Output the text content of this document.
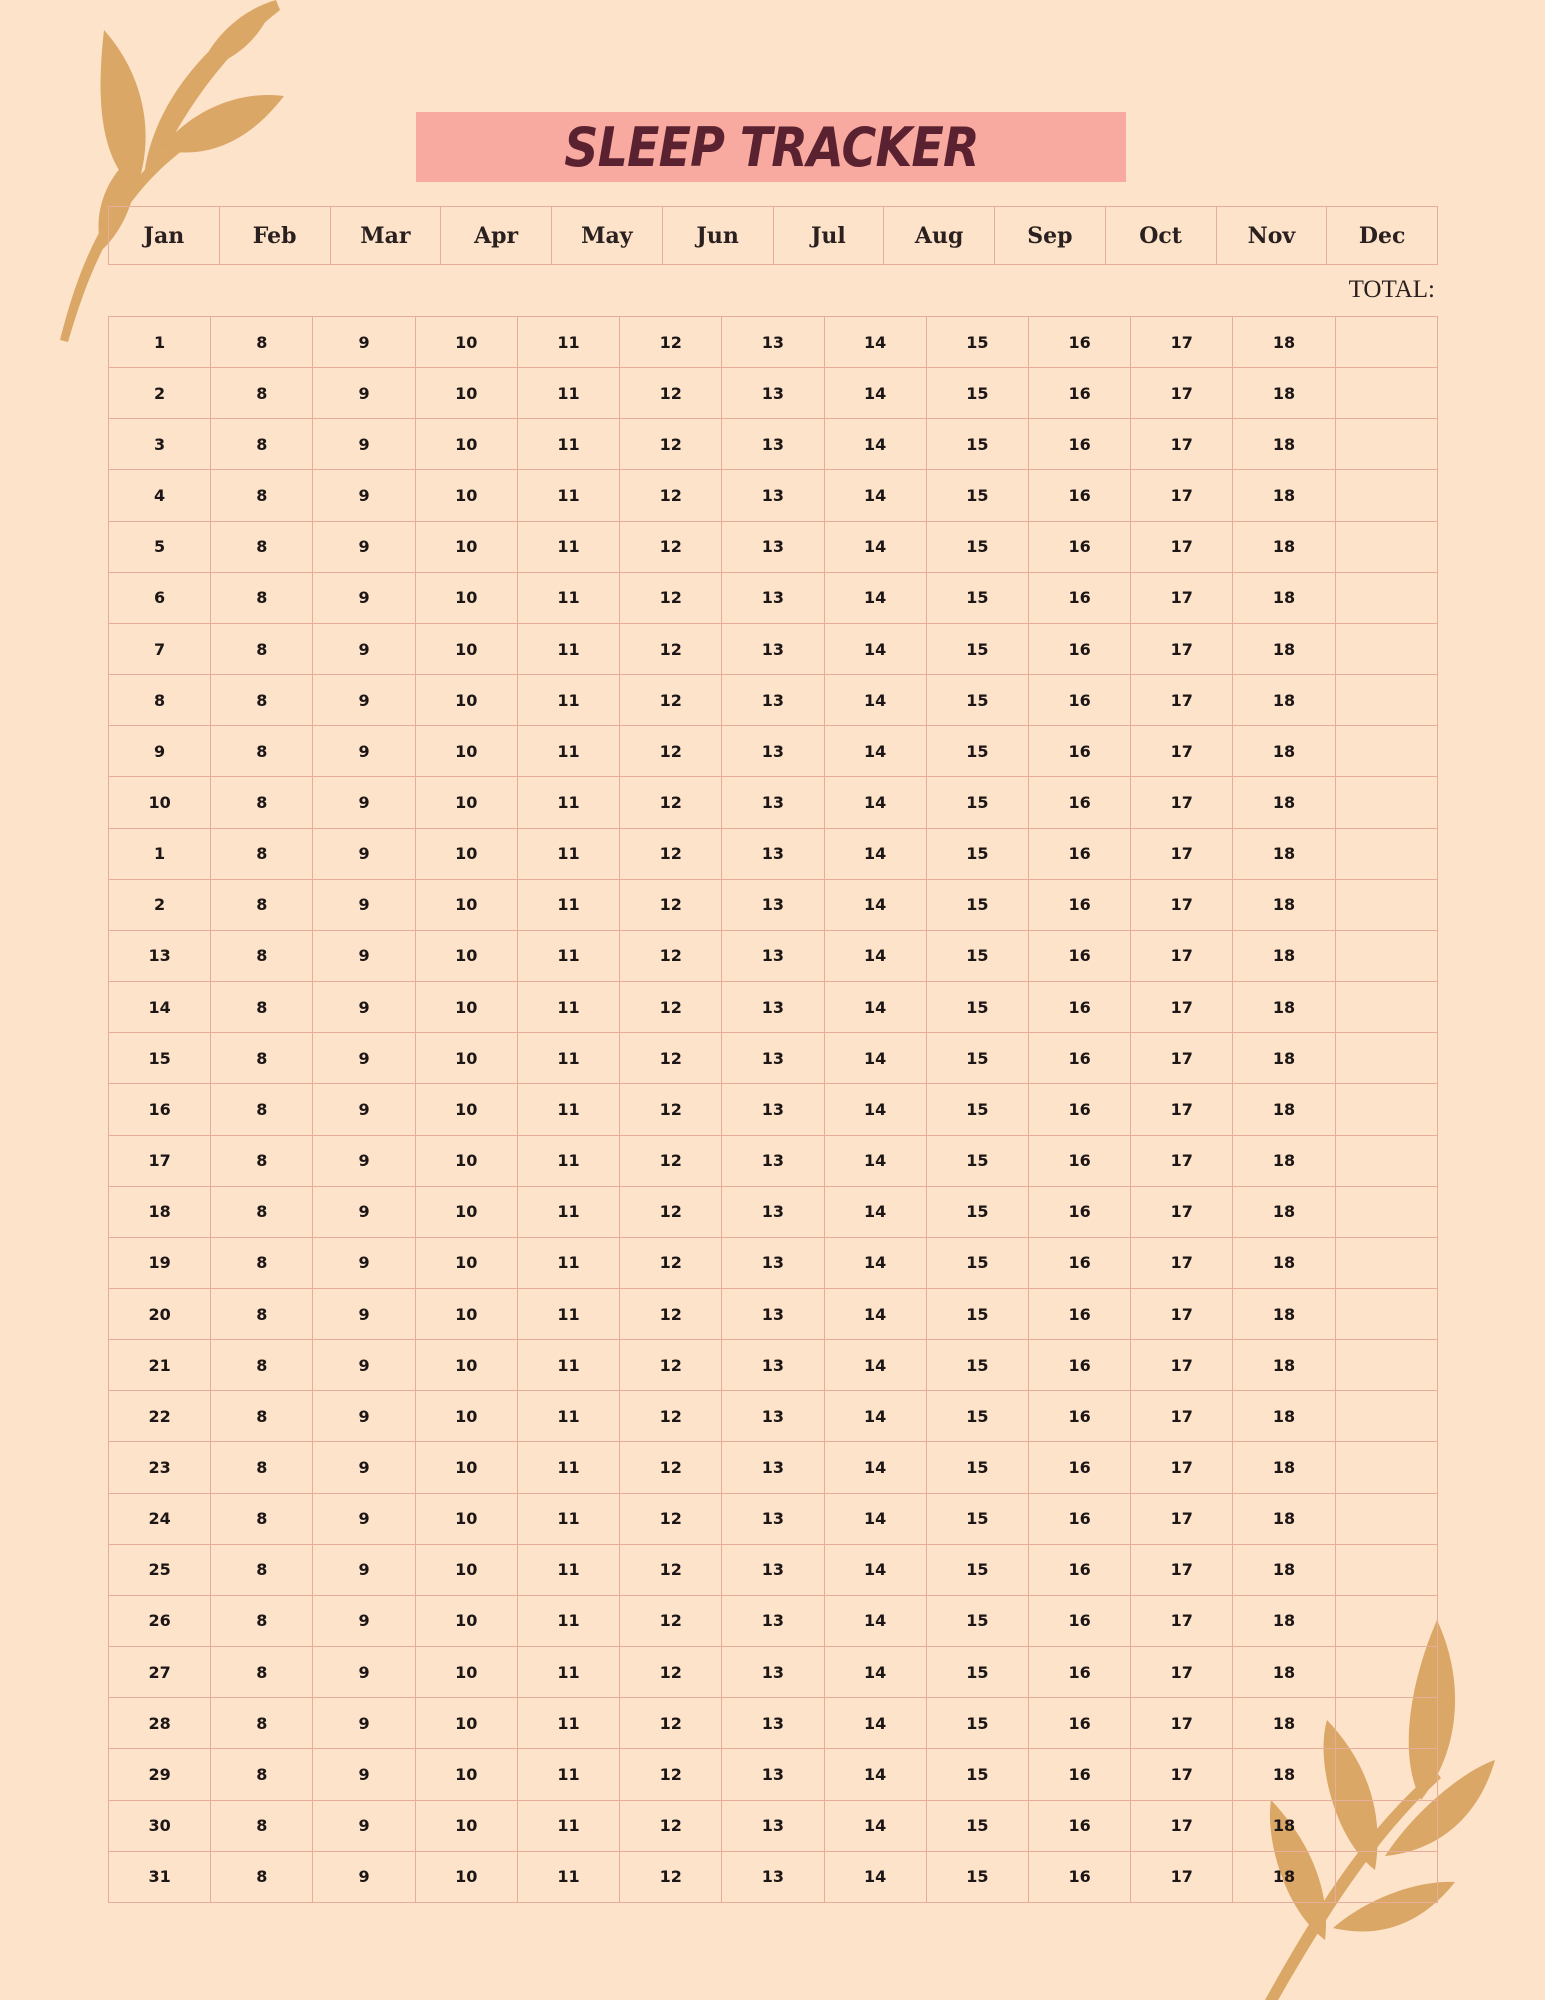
SLEEP TRACKER
Jan	Feb	Mar	Apr	May	Jun	Jul	Aug	Sep	Oct	Nov	Dec
TOTAL:
1	8	9	10	11	12	13	14	15	16	17	18	
2	8	9	10	11	12	13	14	15	16	17	18	
3	8	9	10	11	12	13	14	15	16	17	18	
4	8	9	10	11	12	13	14	15	16	17	18	
5	8	9	10	11	12	13	14	15	16	17	18	
6	8	9	10	11	12	13	14	15	16	17	18	
7	8	9	10	11	12	13	14	15	16	17	18	
8	8	9	10	11	12	13	14	15	16	17	18	
9	8	9	10	11	12	13	14	15	16	17	18	
10	8	9	10	11	12	13	14	15	16	17	18	
1	8	9	10	11	12	13	14	15	16	17	18	
2	8	9	10	11	12	13	14	15	16	17	18	
13	8	9	10	11	12	13	14	15	16	17	18	
14	8	9	10	11	12	13	14	15	16	17	18	
15	8	9	10	11	12	13	14	15	16	17	18	
16	8	9	10	11	12	13	14	15	16	17	18	
17	8	9	10	11	12	13	14	15	16	17	18	
18	8	9	10	11	12	13	14	15	16	17	18	
19	8	9	10	11	12	13	14	15	16	17	18	
20	8	9	10	11	12	13	14	15	16	17	18	
21	8	9	10	11	12	13	14	15	16	17	18	
22	8	9	10	11	12	13	14	15	16	17	18	
23	8	9	10	11	12	13	14	15	16	17	18	
24	8	9	10	11	12	13	14	15	16	17	18	
25	8	9	10	11	12	13	14	15	16	17	18	
26	8	9	10	11	12	13	14	15	16	17	18	
27	8	9	10	11	12	13	14	15	16	17	18	
28	8	9	10	11	12	13	14	15	16	17	18	
29	8	9	10	11	12	13	14	15	16	17	18	
30	8	9	10	11	12	13	14	15	16	17	18	
31	8	9	10	11	12	13	14	15	16	17	18	
